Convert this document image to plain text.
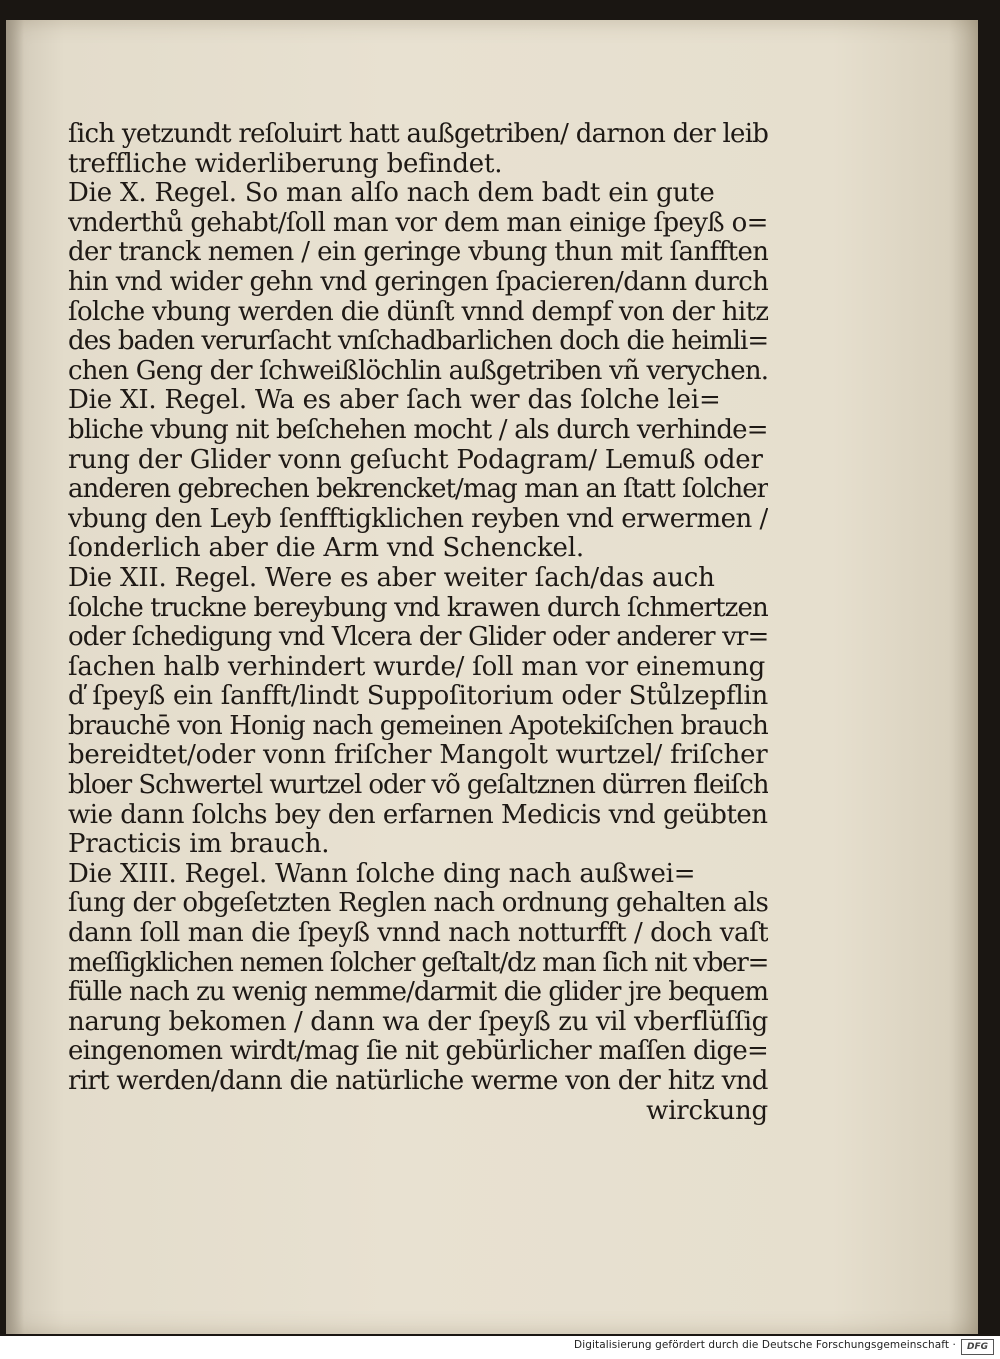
ſich yetzundt reſoluirt hatt außgetriben/ darnon der leib
treffliche widerliberung befindet.
Die X. Regel. So man alſo nach dem badt ein gute
vnderthů gehabt/ſoll man vor dem man einige ſpeyß o=
der tranck nemen / ein geringe vbung thun mit ſanfften
hin vnd wider gehn vnd geringen ſpacieren/dann durch
ſolche vbung werden die dünſt vnnd dempf von der hitz
des baden verurſacht vnſchadbarlichen doch die heimli=
chen Geng der ſchweißlöchlin außgetriben vñ verychen.
Die XI. Regel. Wa es aber ſach wer das ſolche lei=
bliche vbung nit beſchehen mocht / als durch verhinde=
rung der Glider vonn geſucht Podagram/ Lemuß oder
anderen gebrechen bekrencket/mag man an ſtatt ſolcher
vbung den Leyb ſenfftigklichen reyben vnd erwermen /
ſonderlich aber die Arm vnd Schenckel.
Die XII. Regel. Were es aber weiter ſach/das auch
ſolche truckne bereybung vnd krawen durch ſchmertzen
oder ſchedigung vnd Vlcera der Glider oder anderer vr=
ſachen halb verhindert wurde/ ſoll man vor einemung
ď ſpeyß ein ſanfft/lindt Suppoſitorium oder Stůlzepflin
brauchē von Honig nach gemeinen Apotekiſchen brauch
bereidtet/oder vonn friſcher Mangolt wurtzel/ friſcher
bloer Schwertel wurtzel oder võ geſaltznen dürren fleiſch
wie dann ſolchs bey den erfarnen Medicis vnd geübten
Practicis im brauch.
Die XIII. Regel. Wann ſolche ding nach außwei=
ſung der obgeſetzten Reglen nach ordnung gehalten als
dann ſoll man die ſpeyß vnnd nach notturfft / doch vaſt
meſſigklichen nemen ſolcher geſtalt/dz man ſich nit vber=
fülle nach zu wenig nemme/darmit die glider jre bequem
narung bekomen / dann wa der ſpeyß zu vil vberflüſſig
eingenomen wirdt/mag ſie nit gebürlicher maſſen dige=
rirt werden/dann die natürliche werme von der hitz vnd
wirckung
Digitalisierung gefördert durch die Deutsche Forschungsgemeinschaft ·	DFG
